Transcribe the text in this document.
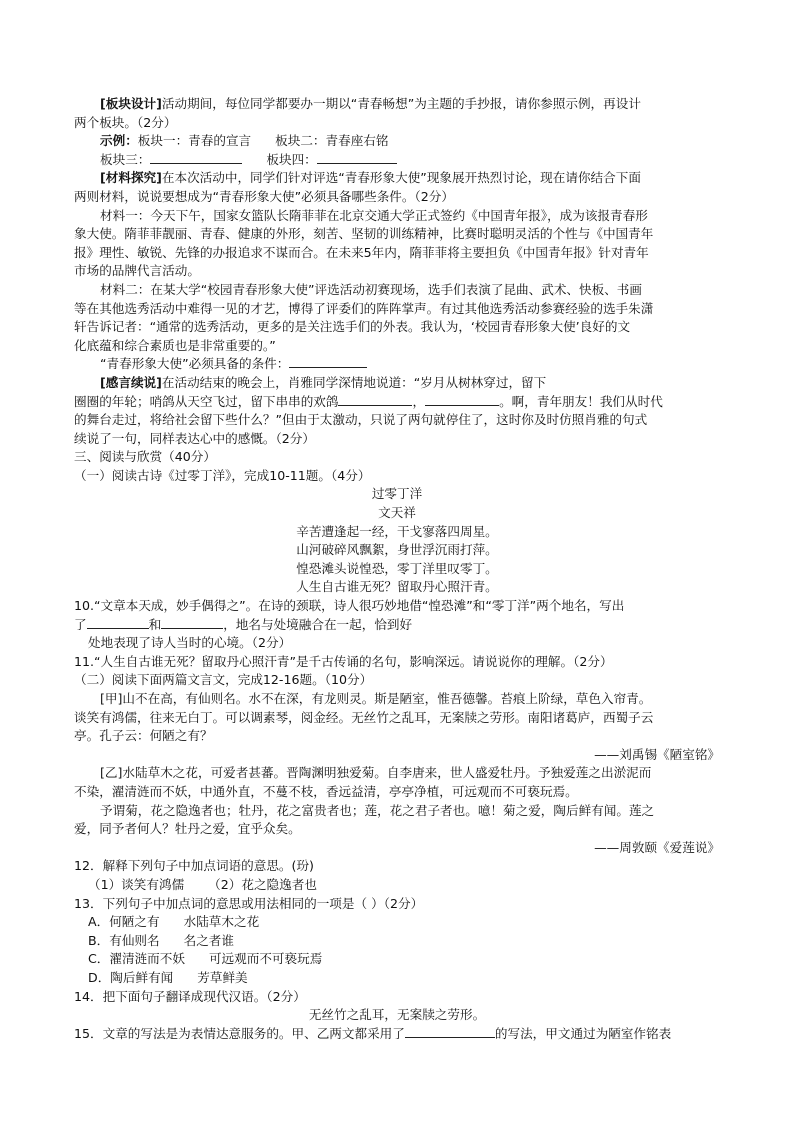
[板块设计]活动期间，每位同学都要办一期以“青春畅想”为主题的手抄报，请你参照示例，再设计

两个板块。（2分）

示例：板块一：青春的宣言 板块二：青春座右铭

板块三：	板块四：

[材料探究]在本次活动中，同学们针对评选“青春形象大使”现象展开热烈讨论，现在请你结合下面

两则材料，说说要想成为“青春形象大使”必须具备哪些条件。（2分）

材料一：今天下午，国家女篮队长隋菲菲在北京交通大学正式签约《中国青年报》，成为该报青春形

象大使。隋菲菲靓丽、青春、健康的外形，刻苦、坚韧的训练精神，比赛时聪明灵活的个性与《中国青年

报》理性、敏锐、先锋的办报追求不谋而合。在未来5年内，隋菲菲将主要担负《中国青年报》针对青年

市场的品牌代言活动。

材料二：在某大学“校园青春形象大使”评选活动初赛现场，选手们表演了昆曲、武术、快板、书画

等在其他选秀活动中难得一见的才艺，博得了评委们的阵阵掌声。有过其他选秀活动参赛经验的选手朱潇

轩告诉记者：“通常的选秀活动，更多的是关注选手们的外表。我认为，‘校园青春形象大使’良好的文

化底蕴和综合素质也是非常重要的。”

“青春形象大使”必须具备的条件：

[感言续说]在活动结束的晚会上，肖雅同学深情地说道：“岁月从树林穿过，留下

圈圈的年轮；哨鸽从天空飞过，留下串串的欢鸽	，	。啊，青年朋友！我们从时代

的舞台走过，将给社会留下些什么？”但由于太激动，只说了两句就停住了，这时你及时仿照肖雅的句式

续说了一句，同样表达心中的感慨。（2分）

三、阅读与欣赏（40分）

（一）阅读古诗《过零丁洋》，完成10-11题。（4分）

过零丁洋

文天祥

辛苦遭逢起一经，干戈寥落四周星。

山河破碎风飘絮，身世浮沉雨打萍。

惶恐滩头说惶恐，零丁洋里叹零丁。

人生自古谁无死？留取丹心照汗青。

10.“文章本天成，妙手偶得之”。在诗的颈联，诗人很巧妙地借“惶恐滩”和“零丁洋”两个地名，写出

了	和	，地名与处境融合在一起，恰到好

处地表现了诗人当时的心境。（2分）

11.“人生自古谁无死？留取丹心照汗青”是千古传诵的名句，影响深远。请说说你的理解。（2分）

（二）阅读下面两篇文言文，完成12-16题。（10分）

[甲]山不在高，有仙则名。水不在深，有龙则灵。斯是陋室，惟吾德馨。苔痕上阶绿，草色入帘青。

谈笑有鸿儒，往来无白丁。可以调素琴，阅金经。无丝竹之乱耳，无案牍之劳形。南阳诸葛庐，西蜀子云

亭。孔子云：何陋之有？

——刘禹锡《陋室铭》

[乙]水陆草木之花，可爱者甚蕃。晋陶渊明独爱菊。自李唐来，世人盛爱牡丹。予独爱莲之出淤泥而

不染，濯清涟而不妖，中通外直，不蔓不枝，香远益清，亭亭净植，可远观而不可亵玩焉。

予谓菊，花之隐逸者也；牡丹，花之富贵者也；莲，花之君子者也。噫！菊之爱，陶后鲜有闻。莲之

爱，同予者何人？牡丹之爱，宜乎众矣。

——周敦颐《爱莲说》

12．解释下列句子中加点词语的意思。(玢)

（1）谈笑有鸿儒 （2）花之隐逸者也

13．下列句子中加点词的意思或用法相同的一项是（ ）（2分）

A．何陋之有 水陆草木之花

B．有仙则名 名之者谁

C．濯清涟而不妖 可远观而不可亵玩焉

D．陶后鲜有闻 芳草鲜美

14．把下面句子翻译成现代汉语。（2分）

无丝竹之乱耳，无案牍之劳形。

15．文章的写法是为表情达意服务的。甲、乙两文都采用了	的写法，甲文通过为陋室作铭表
